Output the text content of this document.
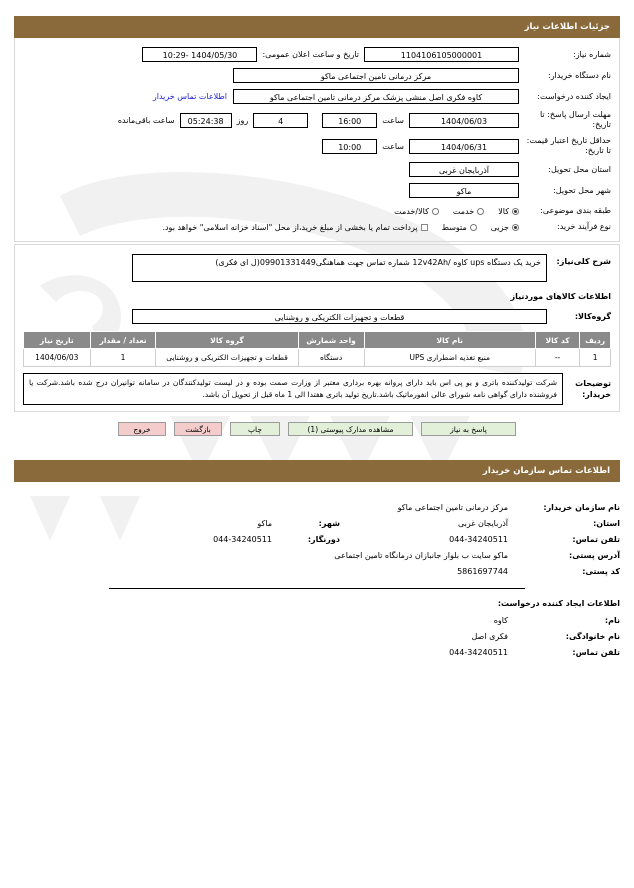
جزئیات اطلاعات نیاز
شماره نیاز:
1104106105000001
تاریخ و ساعت اعلان عمومی:
1404/05/30 -10:29
نام دستگاه خریدار:
مرکز درمانی تامین اجتماعی ماکو
ایجاد کننده درخواست:
کاوه فکری اصل منشی پزشک مرکز درمانی تامین اجتماعی ماکو
اطلاعات تماس خریدار
مهلت ارسال پاسخ: تا تاریخ:
1404/06/03
ساعت
16:00
4
روز
05:24:38
ساعت باقی‌مانده
حداقل تاریخ اعتبار قیمت: تا تاریخ:
1404/06/31
ساعت
10:00
استان محل تحویل:
آذربایجان غربی
شهر محل تحویل:
ماکو
طبقه بندی موضوعی:
کالا
خدمت
کالا/خدمت
نوع فرآیند خرید:
جزیی
متوسط
پرداخت تمام یا بخشی از مبلغ خرید،از محل "اسناد خزانه اسلامی" خواهد بود.
شرح کلی‌نیاز:
خرید یک دستگاه ups کاوه /12v42Ah شماره تماس جهت هماهنگی09901331449(ل ای فکری)
اطلاعات کالاهای موردنیاز
گروه‌کالا:
قطعات و تجهیزات الکتریکی و روشنایی
ردیف	کد کالا	نام کالا	واحد شمارش	گروه کالا	تعداد / مقدار	تاریخ نیاز
1	--	منبع تغذیه اضطراری UPS	دستگاه	قطعات و تجهیزات الکتریکی و روشنایی	1	1404/06/03
توضیحات خریدار:
شرکت تولیدکننده باتری و یو پی اس باید دارای پروانه بهره برداری معتبر از وزارت صمت بوده و در لیست تولیدکنندگان در سامانه توانیران درج شده باشد.شرکت یا فروشنده دارای گواهی نامه شورای عالی انفورماتیک باشد.تاریخ تولید باتری هفتدا الی 1 ماه قبل از تحویل آن باشد.
پاسخ به نیاز
مشاهده مدارک پیوستی (1)
چاپ
بازگشت
خروج
اطلاعات تماس سازمان خریدار
نام سازمان خریدار:
مرکز درمانی تامین اجتماعی ماکو
استان:
آذربایجان غربی
شهر:
ماکو
تلفن تماس:
044-34240511
دورنگار:
044-34240511
آدرس پستی:
ماکو سایت ب بلوار جانبازان درمانگاه تامین اجتماعی
کد پستی:
5861697744
اطلاعات ایجاد کننده درخواست:
نام:
کاوه
نام خانوادگی:
فکری اصل
تلفن تماس:
044-34240511
